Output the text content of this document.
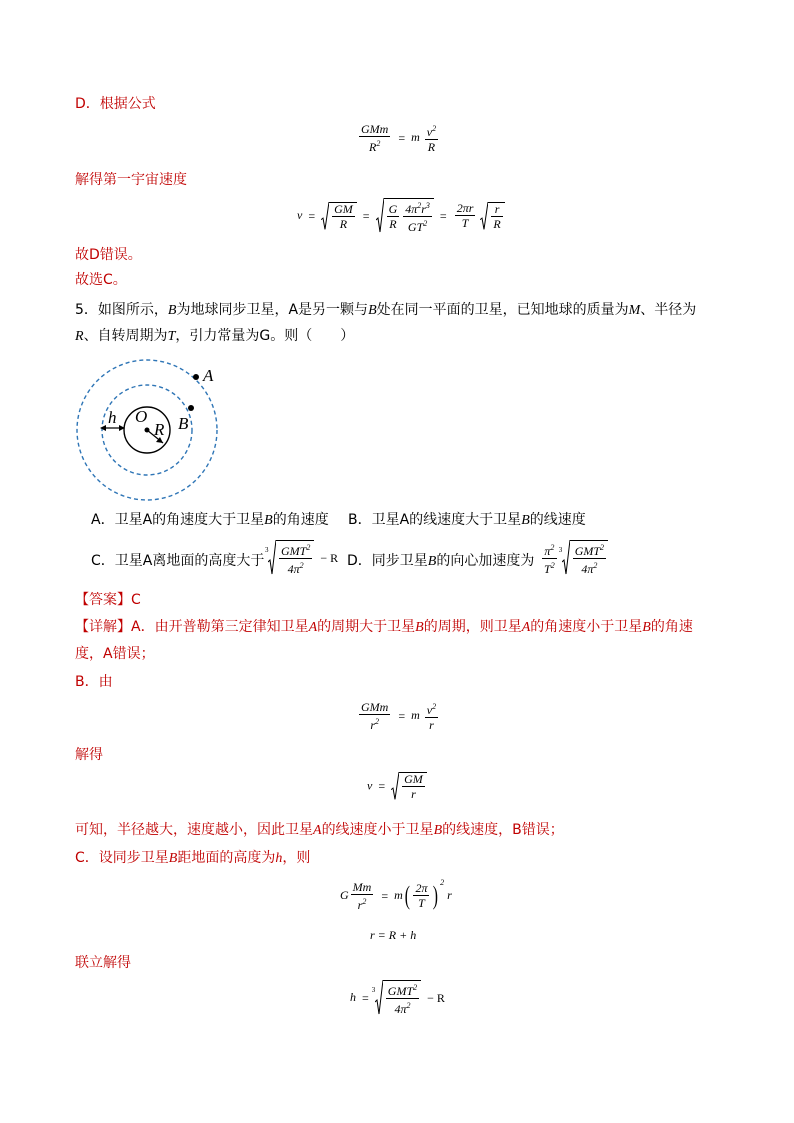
D．根据公式
$\frac{\text{GMm}}{R^2} = m \frac{v^2}{R}$
解得第一宇宙速度
$v = \frac{GM}{R} = \frac{G}{R} \frac{4\pi^2r^3}{GT^2} = \frac{2\pi r}{T}$
$\frac{r}{R}$
故D错误。
故选C。
5．如图所示，B为地球同步卫星，A是另一颗与B处在同一平面的卫星，已知地球的质量为M、半径为
R、自转周期为T，引力常量为G。则（　　）
A
B
O
R
h
A．卫星A的角速度大于卫星B的角速度 B．卫星A的线速度大于卫星B的线速度
C．卫星A离地面的高度大于
$3 \frac{GMT^2}{4\pi^2} - R$ D．同步卫星B的向心加速度为 $\frac{\pi^2}{T^2}$
$3 \frac{GMT^2}{4\pi^2}$
【答案】C
【详解】A．由开普勒第三定律知卫星A的周期大于卫星B的周期，则卫星A的角速度小于卫星B的角速
度，A错误；
B．由
$\frac{\text{GMm}}{r^2} = m \frac{v^2}{r}$
解得
$v = \frac{GM}{r}$
可知，半径越大，速度越小，因此卫星A的线速度小于卫星B的线速度，B错误；
C．设同步卫星B距地面的高度为h，则
G $\frac{Mm}{r^2} = m( \frac{2\pi}{T}$ ) $^2$ r
r = R + h
联立解得
h =
$3 \frac{GMT^2}{4\pi^2} - R$
